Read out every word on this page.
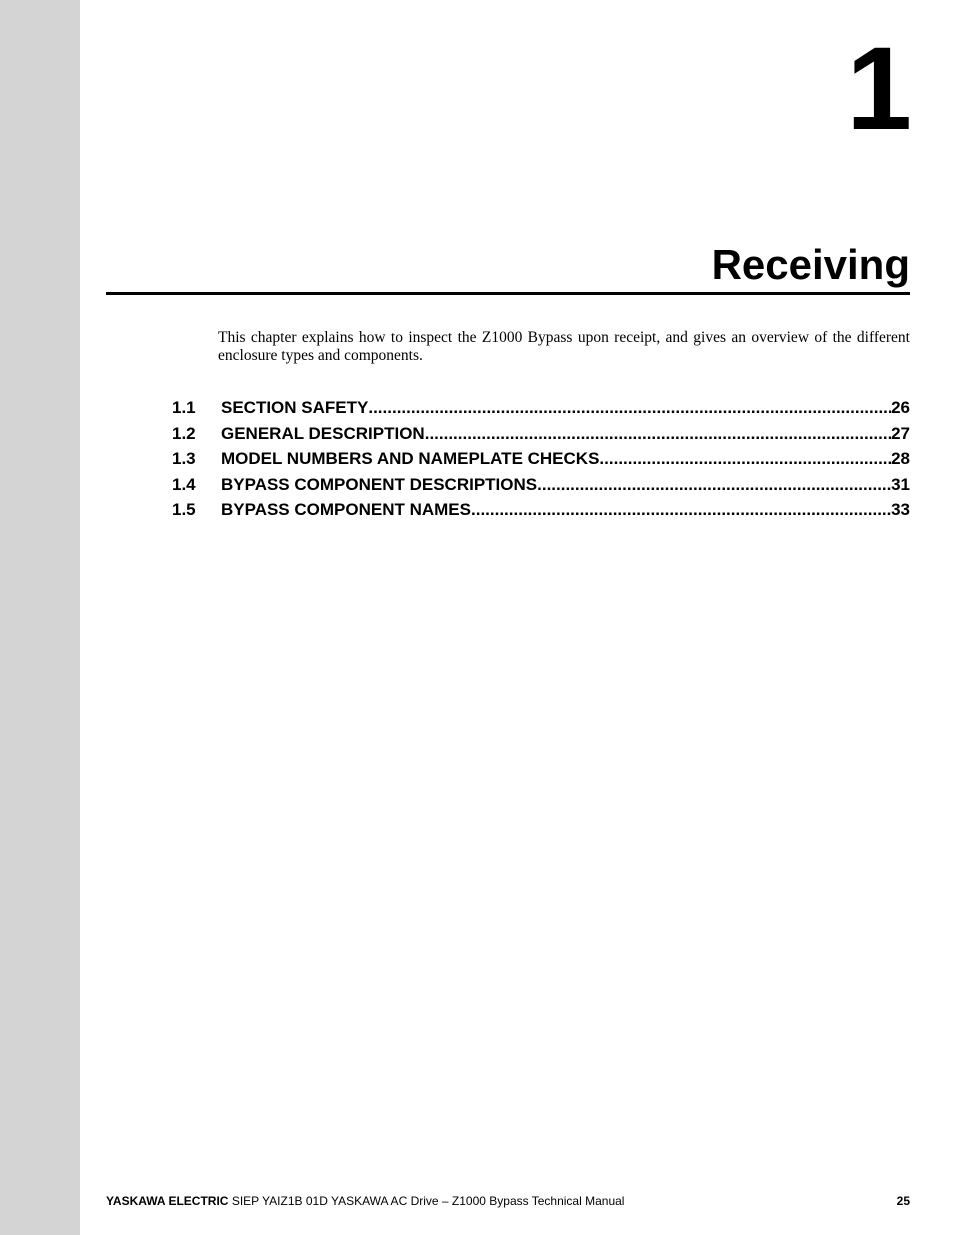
1
Receiving

This chapter explains how to inspect the Z1000 Bypass upon receipt, and gives an overview of the different enclosure types and components.

1.1	SECTION SAFETY .....	26
1.2	GENERAL DESCRIPTION .....	27
1.3	MODEL NUMBERS AND NAMEPLATE CHECKS .....	28
1.4	BYPASS COMPONENT DESCRIPTIONS .....	31
1.5	BYPASS COMPONENT NAMES .....	33
YASKAWA ELECTRIC SIEP YAIZ1B 01D YASKAWA AC Drive – Z1000 Bypass Technical Manual	25
